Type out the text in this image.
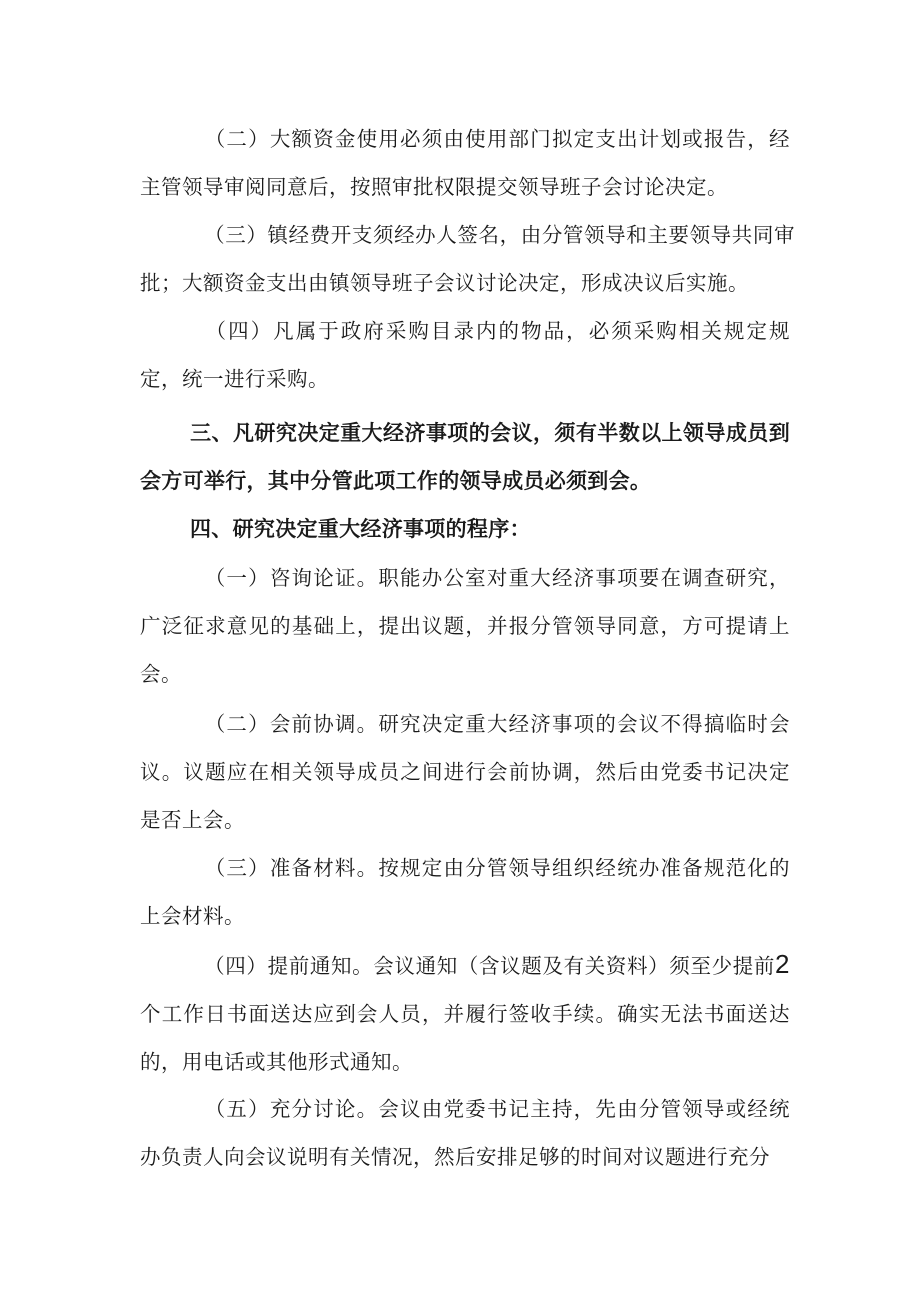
（二）大额资金使用必须由使用部门拟定支出计划或报告，经主管领导审阅同意后，按照审批权限提交领导班子会讨论决定。

（三）镇经费开支须经办人签名，由分管领导和主要领导共同审批；大额资金支出由镇领导班子会议讨论决定，形成决议后实施。

（四）凡属于政府采购目录内的物品，必须采购相关规定规定，统一进行采购。

三、凡研究决定重大经济事项的会议，须有半数以上领导成员到会方可举行，其中分管此项工作的领导成员必须到会。

四、研究决定重大经济事项的程序：

（一）咨询论证。职能办公室对重大经济事项要在调查研究，广泛征求意见的基础上，提出议题，并报分管领导同意，方可提请上会。

（二）会前协调。研究决定重大经济事项的会议不得搞临时会议。议题应在相关领导成员之间进行会前协调，然后由党委书记决定是否上会。

（三）准备材料。按规定由分管领导组织经统办准备规范化的上会材料。

（四）提前通知。会议通知（含议题及有关资料）须至少提前2个工作日书面送达应到会人员，并履行签收手续。确实无法书面送达的，用电话或其他形式通知。

（五）充分讨论。会议由党委书记主持，先由分管领导或经统办负责人向会议说明有关情况，然后安排足够的时间对议题进行充分
